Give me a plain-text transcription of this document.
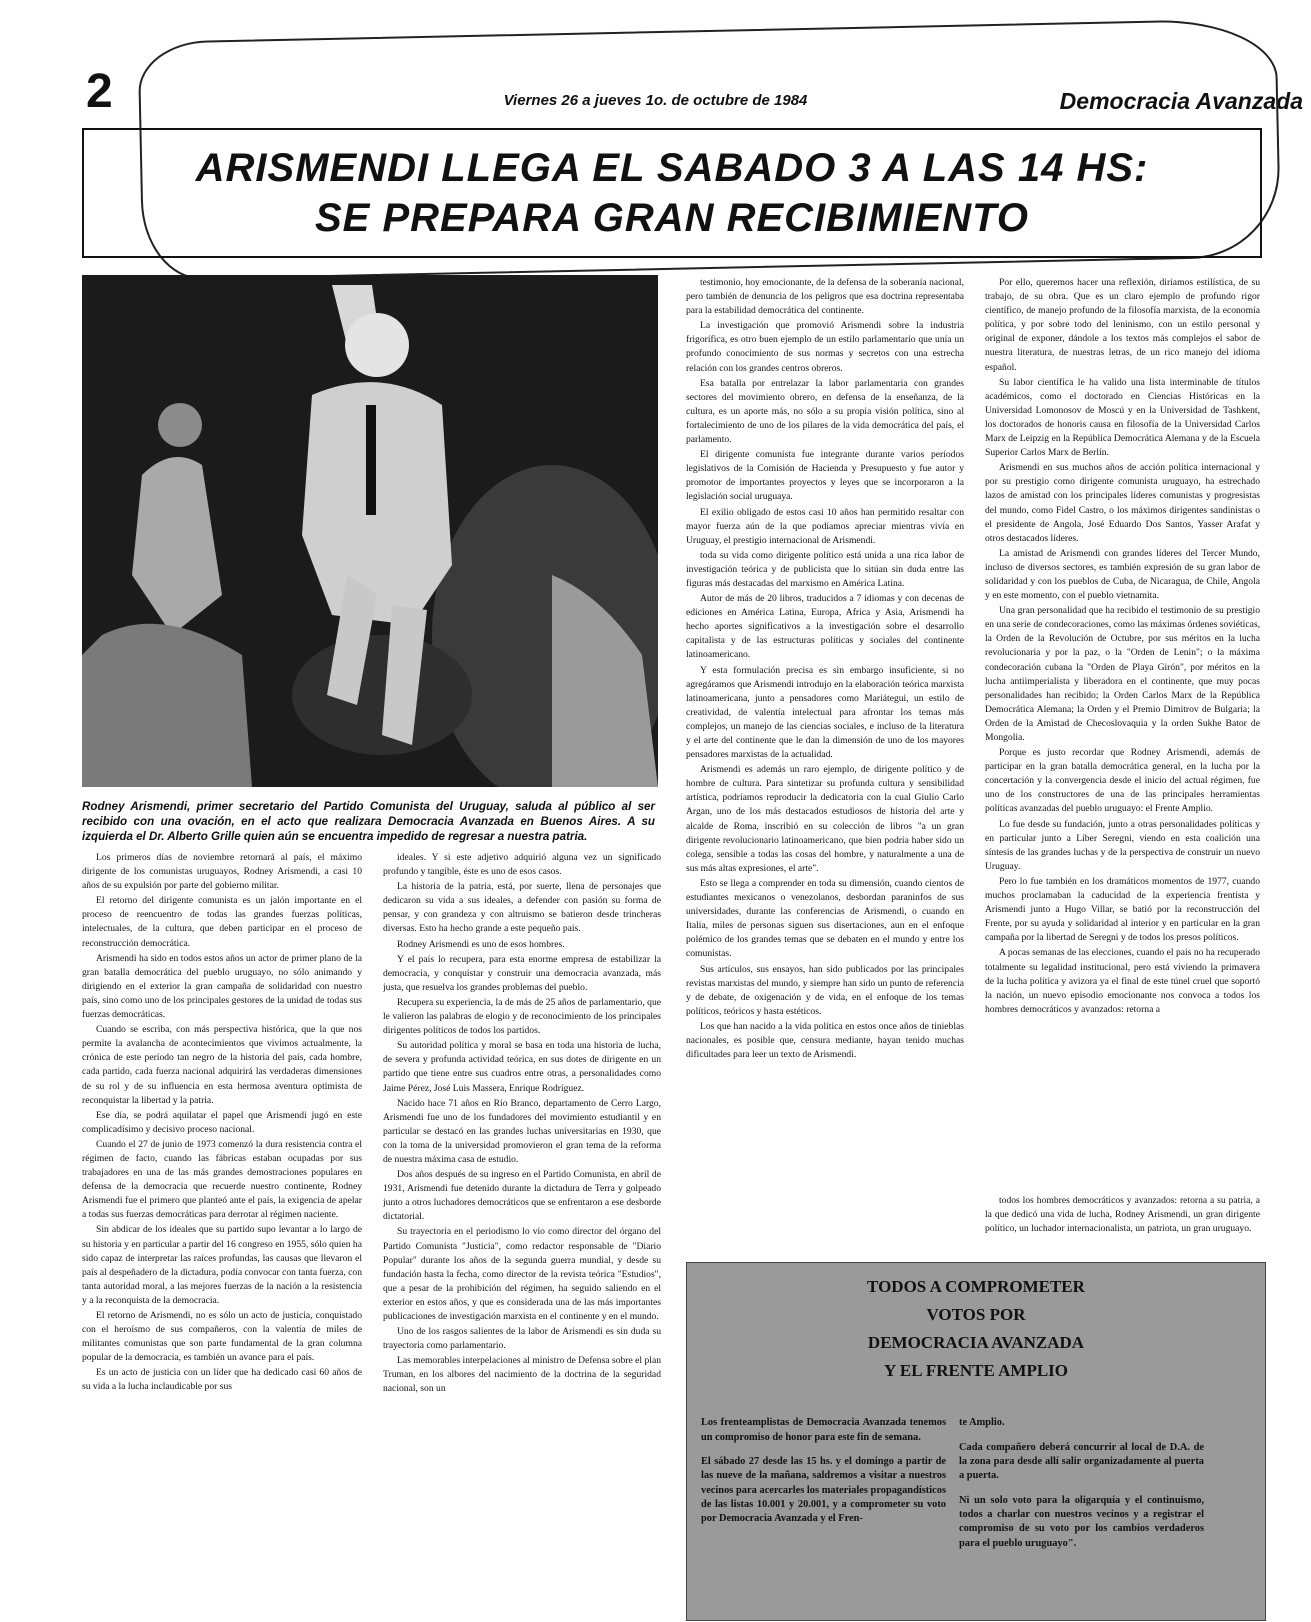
2	Viernes 26 a jueves 1o. de octubre de 1984	Democracia Avanzada
ARISMENDI LLEGA EL SABADO 3 A LAS 14 HS:
SE PREPARA GRAN RECIBIMIENTO
Rodney Arismendi, primer secretario del Partido Comunista del Uruguay, saluda al público al ser recibido con una ovación, en el acto que realizara Democracia Avanzada en Buenos Aires. A su izquierda el Dr. Alberto Grille quien aún se encuentra impedido de regresar a nuestra patria.

Los primeros días de noviembre retornará al país, el máximo dirigente de los comunistas uruguayos, Rodney Arismendi, a casi 10 años de su expulsión por parte del gobierno militar.

El retorno del dirigente comunista es un jalón importante en el proceso de reencuentro de todas las grandes fuerzas políticas, intelectuales, de la cultura, que deben participar en el proceso de reconstrucción democrática.

Arismendi ha sido en todos estos años un actor de primer plano de la gran batalla democrática del pueblo uruguayo, no sólo animando y dirigiendo en el exterior la gran campaña de solidaridad con nuestro país, sino como uno de los principales gestores de la unidad de todas sus fuerzas democráticas.

Cuando se escriba, con más perspectiva histórica, que la que nos permite la avalancha de acontecimientos que vivimos actualmente, la crónica de este período tan negro de la historia del país, cada hombre, cada partido, cada fuerza nacional adquirirá las verdaderas dimensiones de su rol y de su influencia en esta hermosa aventura optimista de reconquistar la libertad y la patria.

Ese día, se podrá aquilatar el papel que Arismendi jugó en este complicadísimo y decisivo proceso nacional.

Cuando el 27 de junio de 1973 comenzó la dura resistencia contra el régimen de facto, cuando las fábricas estaban ocupadas por sus trabajadores en una de las más grandes demostraciones populares en defensa de la democracia que recuerde nuestro continente, Rodney Arismendi fue el primero que planteó ante el país, la exigencia de apelar a todas sus fuerzas democráticas para derrotar al régimen naciente.

Sin abdicar de los ideales que su partido supo levantar a lo largo de su historia y en particular a partir del 16 congreso en 1955, sólo quien ha sido capaz de interpretar las raíces profundas, las causas que llevaron el país al despeñadero de la dictadura, podía convocar con tanta fuerza, con tanta autoridad moral, a las mejores fuerzas de la nación a la resistencia y a la reconquista de la democracia.

El retorno de Arismendi, no es sólo un acto de justicia, conquistado con el heroísmo de sus compañeros, con la valentía de miles de militantes comunistas que son parte fundamental de la gran columna popular de la democracia, es también un avance para el país.

Es un acto de justicia con un líder que ha dedicado casi 60 años de su vida a la lucha inclaudicable por sus

ideales. Y si este adjetivo adquirió alguna vez un significado profundo y tangible, éste es uno de esos casos.

La historia de la patria, está, por suerte, llena de personajes que dedicaron su vida a sus ideales, a defender con pasión su forma de pensar, y con grandeza y con altruismo se batieron desde trincheras diversas. Esto ha hecho grande a este pequeño país.

Rodney Arismendi es uno de esos hombres.

Y el país lo recupera, para esta enorme empresa de estabilizar la democracia, y conquistar y construir una democracia avanzada, más justa, que resuelva los grandes problemas del pueblo.

Recupera su experiencia, la de más de 25 años de parlamentario, que le valieron las palabras de elogio y de reconocimiento de los principales dirigentes políticos de todos los partidos.

Su autoridad política y moral se basa en toda una historia de lucha, de severa y profunda actividad teórica, en sus dotes de dirigente en un partido que tiene entre sus cuadros entre otras, a personalidades como Jaime Pérez, José Luis Massera, Enrique Rodríguez.

Nacido hace 71 años en Río Branco, departamento de Cerro Largo, Arismendi fue uno de los fundadores del movimiento estudiantil y en particular se destacó en las grandes luchas universitarias en 1930, que con la toma de la universidad promovieron el gran tema de la reforma de nuestra máxima casa de estudio.

Dos años después de su ingreso en el Partido Comunista, en abril de 1931, Arismendi fue detenido durante la dictadura de Terra y golpeado junto a otros luchadores democráticos que se enfrentaron a ese desborde dictatorial.

Su trayectoria en el periodismo lo vio como director del órgano del Partido Comunista "Justicia", como redactor responsable de "Diario Popular" durante los años de la segunda guerra mundial, y desde su fundación hasta la fecha, como director de la revista teórica "Estudios", que a pesar de la prohibición del régimen, ha seguido saliendo en el exterior en estos años, y que es considerada una de las más importantes publicaciones de investigación marxista en el continente y en el mundo.

Uno de los rasgos salientes de la labor de Arismendi es sin duda su trayectoria como parlamentario.

Las memorables interpelaciones al ministro de Defensa sobre el plan Truman, en los albores del nacimiento de la doctrina de la seguridad nacional, son un

testimonio, hoy emocionante, de la defensa de la soberanía nacional, pero también de denuncia de los peligros que esa doctrina representaba para la estabilidad democrática del continente.

La investigación que promovió Arismendi sobre la industria frigorífica, es otro buen ejemplo de un estilo parlamentario que unía un profundo conocimiento de sus normas y secretos con una estrecha relación con los grandes centros obreros.

Esa batalla por entrelazar la labor parlamentaria con grandes sectores del movimiento obrero, en defensa de la enseñanza, de la cultura, es un aporte más, no sólo a su propia visión política, sino al fortalecimiento de uno de los pilares de la vida democrática del país, el parlamento.

El dirigente comunista fue integrante durante varios períodos legislativos de la Comisión de Hacienda y Presupuesto y fue autor y promotor de importantes proyectos y leyes que se incorporaron a la legislación social uruguaya.

El exilio obligado de estos casi 10 años han permitido resaltar con mayor fuerza aún de la que podíamos apreciar mientras vivía en Uruguay, el prestigio internacional de Arismendi.

toda su vida como dirigente político está unida a una rica labor de investigación teórica y de publicista que lo sitúan sin duda entre las figuras más destacadas del marxismo en América Latina.

Autor de más de 20 libros, traducidos a 7 idiomas y con decenas de ediciones en América Latina, Europa, Africa y Asia, Arismendi ha hecho aportes significativos a la investigación sobre el desarrollo capitalista y de las estructuras políticas y sociales del continente latinoamericano.

Y esta formulación precisa es sin embargo insuficiente, si no agregáramos que Arismendi introdujo en la elaboración teórica marxista latinoamericana, junto a pensadores como Mariátegui, un estilo de creatividad, de valentía intelectual para afrontar los temas más complejos, un manejo de las ciencias sociales, e incluso de la literatura y el arte del continente que le dan la dimensión de uno de los mayores pensadores marxistas de la actualidad.

Arismendi es además un raro ejemplo, de dirigente político y de hombre de cultura. Para sintetizar su profunda cultura y sensibilidad artística, podríamos reproducir la dedicatoria con la cual Giulio Carlo Argan, uno de los más destacados estudiosos de historia del arte y alcalde de Roma, inscribió en su colección de libros "a un gran dirigente revolucionario latinoamericano, que bien podría haber sido un colega, sensible a todas las cosas del hombre, y naturalmente a una de sus más altas expresiones, el arte".

Esto se llega a comprender en toda su dimensión, cuando cientos de estudiantes mexicanos o venezolanos, desbordan paraninfos de sus universidades, durante las conferencias de Arismendi, o cuando en Italia, miles de personas siguen sus disertaciones, aun en el enfoque polémico de los grandes temas que se debaten en el mundo y entre los comunistas.

Sus artículos, sus ensayos, han sido publicados por las principales revistas marxistas del mundo, y siempre han sido un punto de referencia y de debate, de oxigenación y de vida, en el enfoque de los temas políticos, teóricos y hasta estéticos.

Los que han nacido a la vida política en estos once años de tinieblas nacionales, es posible que, censura mediante, hayan tenido muchas dificultades para leer un texto de Arismendi.

Por ello, queremos hacer una reflexión, diríamos estilística, de su trabajo, de su obra. Que es un claro ejemplo de profundo rigor científico, de manejo profundo de la filosofía marxista, de la economía política, y por sobre todo del leninismo, con un estilo personal y original de exponer, dándole a los textos más complejos el sabor de nuestra literatura, de nuestras letras, de un rico manejo del idioma español.

Su labor científica le ha valido una lista interminable de títulos académicos, como el doctorado en Ciencias Históricas en la Universidad Lomonosov de Moscú y en la Universidad de Tashkent, los doctorados de honoris causa en filosofía de la Universidad Carlos Marx de Leipzig en la República Democrática Alemana y de la Escuela Superior Carlos Marx de Berlín.

Arismendi en sus muchos años de acción política internacional y por su prestigio como dirigente comunista uruguayo, ha estrechado lazos de amistad con los principales líderes comunistas y progresistas del mundo, como Fidel Castro, o los máximos dirigentes sandinistas o el presidente de Angola, José Eduardo Dos Santos, Yasser Arafat y otros destacados líderes.

La amistad de Arismendi con grandes líderes del Tercer Mundo, incluso de diversos sectores, es también expresión de su gran labor de solidaridad y con los pueblos de Cuba, de Nicaragua, de Chile, Angola y en este momento, con el pueblo vietnamita.

Una gran personalidad que ha recibido el testimonio de su prestigio en una serie de condecoraciones, como las máximas órdenes soviéticas, la Orden de la Revolución de Octubre, por sus méritos en la lucha revolucionaria y por la paz, o la "Orden de Lenin"; o la máxima condecoración cubana la "Orden de Playa Girón", por méritos en la lucha antiimperialista y liberadora en el continente, que muy pocas personalidades han recibido; la Orden Carlos Marx de la República Democrática Alemana; la Orden y el Premio Dimitrov de Bulgaria; la Orden de la Amistad de Checoslovaquia y la orden Sukhe Bator de Mongolia.

Porque es justo recordar que Rodney Arismendi, además de participar en la gran batalla democrática general, en la lucha por la concertación y la convergencia desde el inicio del actual régimen, fue uno de los constructores de una de las principales herramientas políticas avanzadas del pueblo uruguayo: el Frente Amplio.

Lo fue desde su fundación, junto a otras personalidades políticas y en particular junto a Líber Seregni, viendo en esta coalición una síntesis de las grandes luchas y de la perspectiva de construir un nuevo Uruguay.

Pero lo fue también en los dramáticos momentos de 1977, cuando muchos proclamaban la caducidad de la experiencia frentista y Arismendi junto a Hugo Villar, se batió por la reconstrucción del Frente, por su ayuda y solidaridad al interior y en particular en la gran campaña por la libertad de Seregni y de todos los presos políticos.

A pocas semanas de las elecciones, cuando el país no ha recuperado totalmente su legalidad institucional, pero está viviendo la primavera de la lucha política y avizora ya el final de este túnel cruel que soportó la nación, un nuevo episodio emocionante nos convoca a todos los hombres democráticos y avanzados: retorna a

todos los hombres democráticos y avanzados: retorna a su patria, a la que dedicó una vida de lucha, Rodney Arismendi, un gran dirigente político, un luchador internacionalista, un patriota, un gran uruguayo.

TODOS A COMPROMETER
VOTOS POR
DEMOCRACIA AVANZADA
Y EL FRENTE AMPLIO

Los frenteamplistas de Democracia Avanzada tenemos un compromiso de honor para este fin de semana.

El sábado 27 desde las 15 hs. y el domingo a partir de las nueve de la mañana, saldremos a visitar a nuestros vecinos para acercarles los materiales propagandísticos de las listas 10.001 y 20.001, y a comprometer su voto por Democracia Avanzada y el Fren-

te Amplio.

Cada compañero deberá concurrir al local de D.A. de la zona para desde allí salir organizadamente al puerta a puerta.

Ni un solo voto para la oligarquía y el continuismo, todos a charlar con nuestros vecinos y a registrar el compromiso de su voto por los cambios verdaderos para el pueblo uruguayo".
